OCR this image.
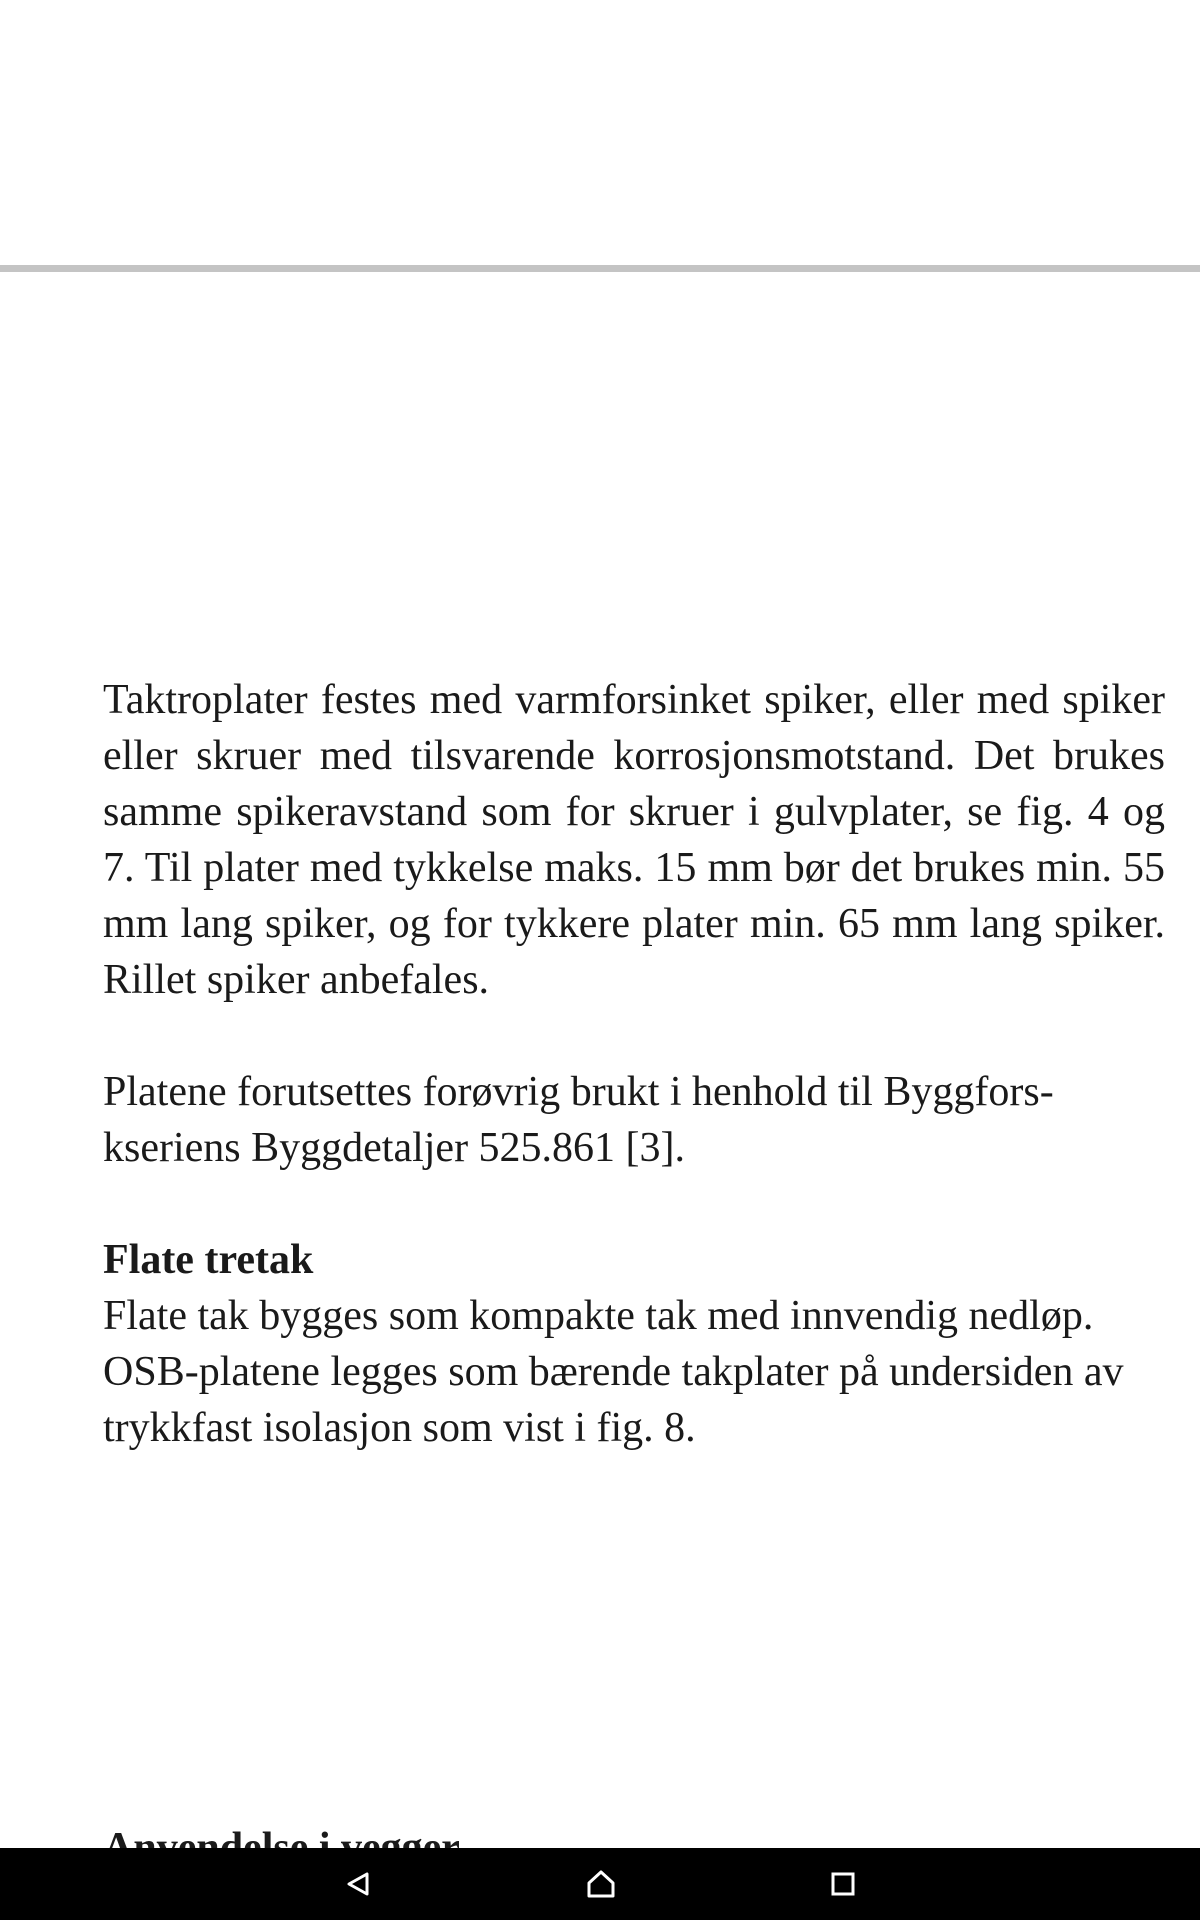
Taktroplater festes med varmforsinket spiker, eller med spiker eller skruer med tilsvarende korrosjonsmotstand. Det brukes samme spikeravstand som for skruer i gulvplater, se fig. 4 og 7. Til plater med tykkelse maks. 15 mm bør det brukes min. 55 mm lang spiker, og for tykkere plater min. 65 mm lang spiker. Rillet spiker anbefales.

Platene forutsettes forøvrig brukt i henhold til Byggforskseriens Byggdetaljer 525.861 [3].

Flate tretak

Flate tak bygges som kompakte tak med innvendig nedløp. OSB-platene legges som bærende takplater på undersiden av trykkfast isolasjon som vist i fig. 8.
